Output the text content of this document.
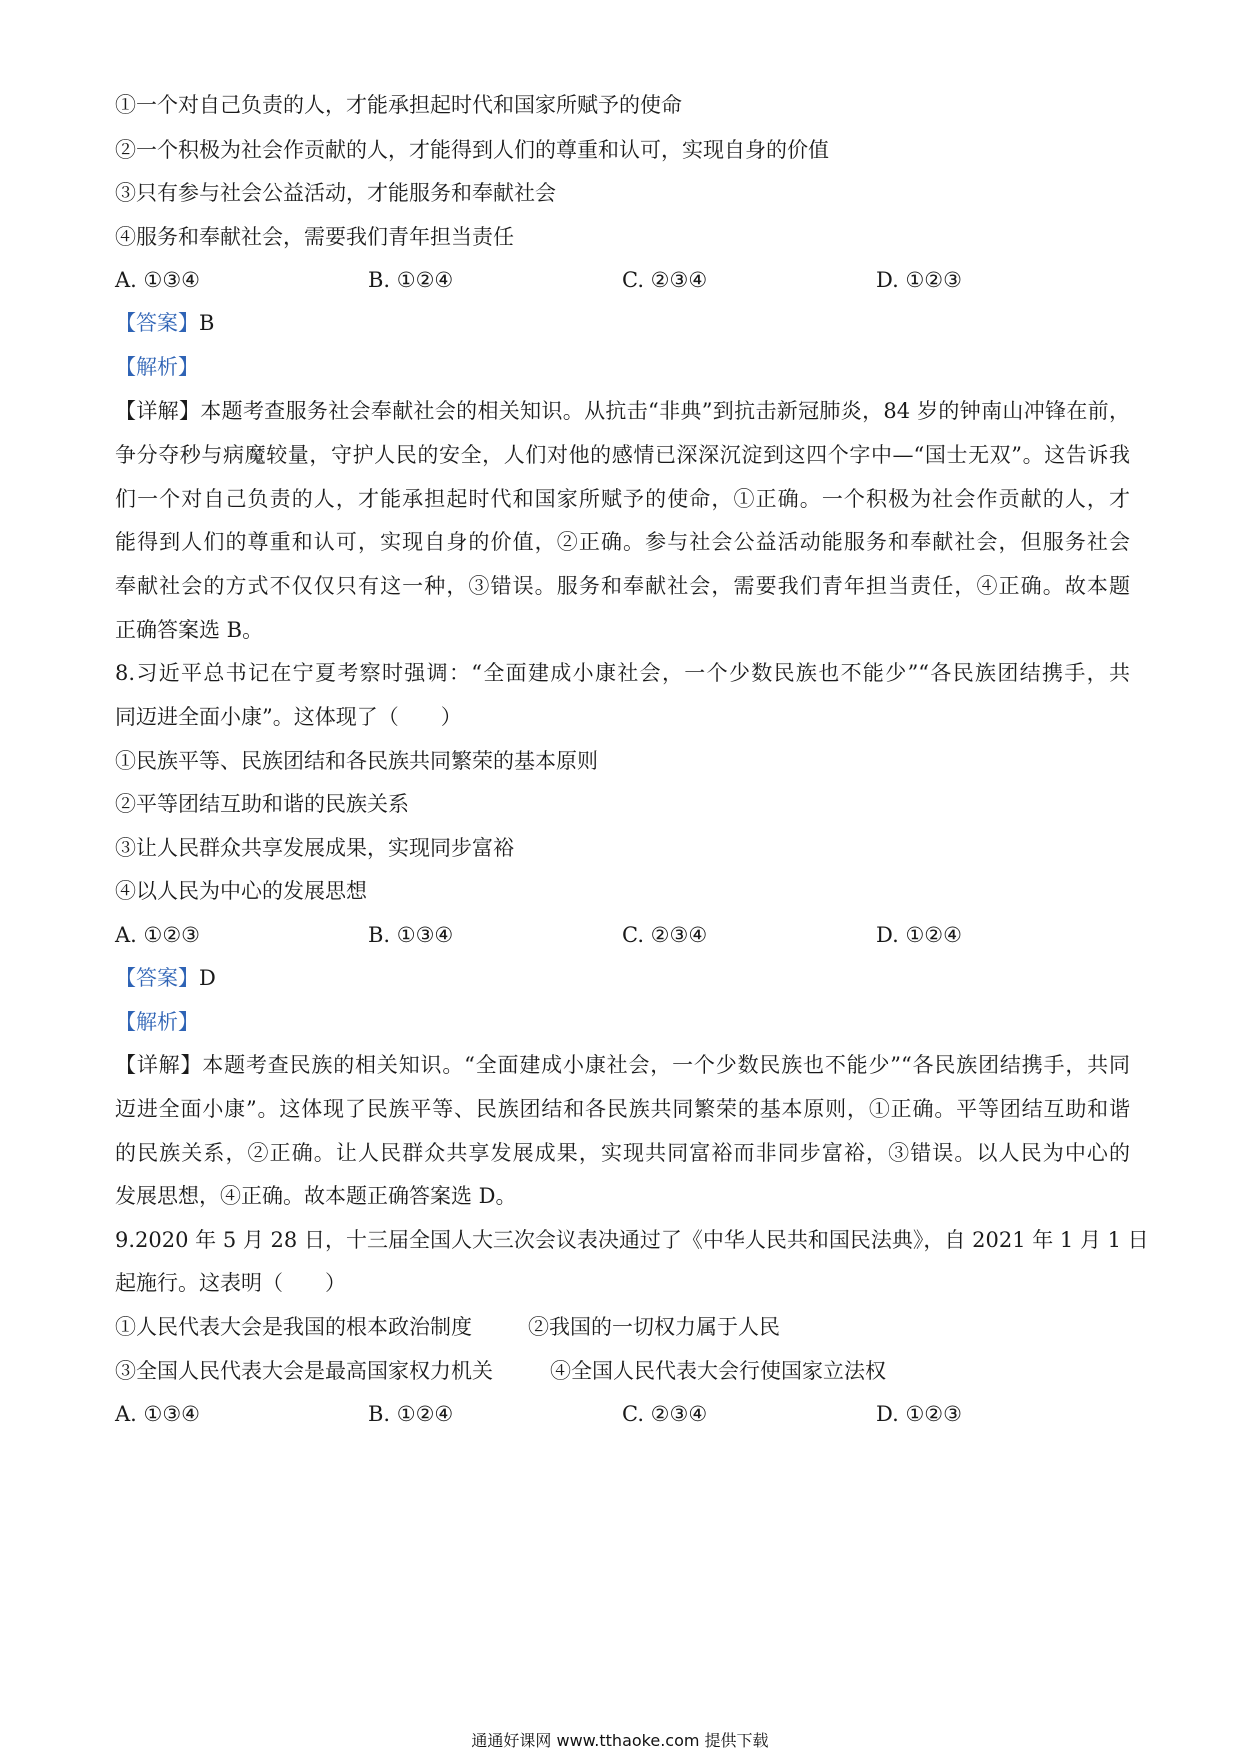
①一个对自己负责的人，才能承担起时代和国家所赋予的使命
②一个积极为社会作贡献的人，才能得到人们的尊重和认可，实现自身的价值
③只有参与社会公益活动，才能服务和奉献社会
④服务和奉献社会，需要我们青年担当责任
A. ①③④	B. ①②④	C. ②③④	D. ①②③
【答案】B
【解析】
【详解】本题考查服务社会奉献社会的相关知识。从抗击“非典”到抗击新冠肺炎，84 岁的钟南山冲锋在前，
争分夺秒与病魔较量，守护人民的安全，人们对他的感情已深深沉淀到这四个字中—“国士无双”。这告诉我
们一个对自己负责的人，才能承担起时代和国家所赋予的使命，①正确。一个积极为社会作贡献的人，才
能得到人们的尊重和认可，实现自身的价值，②正确。参与社会公益活动能服务和奉献社会，但服务社会
奉献社会的方式不仅仅只有这一种，③错误。服务和奉献社会，需要我们青年担当责任，④正确。故本题
正确答案选 B。
8.习近平总书记在宁夏考察时强调：“全面建成小康社会，一个少数民族也不能少”“各民族团结携手，共
同迈进全面小康”。这体现了（　　）
①民族平等、民族团结和各民族共同繁荣的基本原则
②平等团结互助和谐的民族关系
③让人民群众共享发展成果，实现同步富裕
④以人民为中心的发展思想
A. ①②③	B. ①③④	C. ②③④	D. ①②④
【答案】D
【解析】
【详解】本题考查民族的相关知识。“全面建成小康社会，一个少数民族也不能少”“各民族团结携手，共同
迈进全面小康”。这体现了民族平等、民族团结和各民族共同繁荣的基本原则，①正确。平等团结互助和谐
的民族关系，②正确。让人民群众共享发展成果，实现共同富裕而非同步富裕，③错误。以人民为中心的
发展思想，④正确。故本题正确答案选 D。
9.2020 年 5 月 28 日，十三届全国人大三次会议表决通过了《中华人民共和国民法典》，自 2021 年 1 月 1 日
起施行。这表明（　　）
①人民代表大会是我国的根本政治制度	②我国的一切权力属于人民
③全国人民代表大会是最高国家权力机关	④全国人民代表大会行使国家立法权
A. ①③④	B. ①②④	C. ②③④	D. ①②③
通通好课网 www.tthaoke.com 提供下载
